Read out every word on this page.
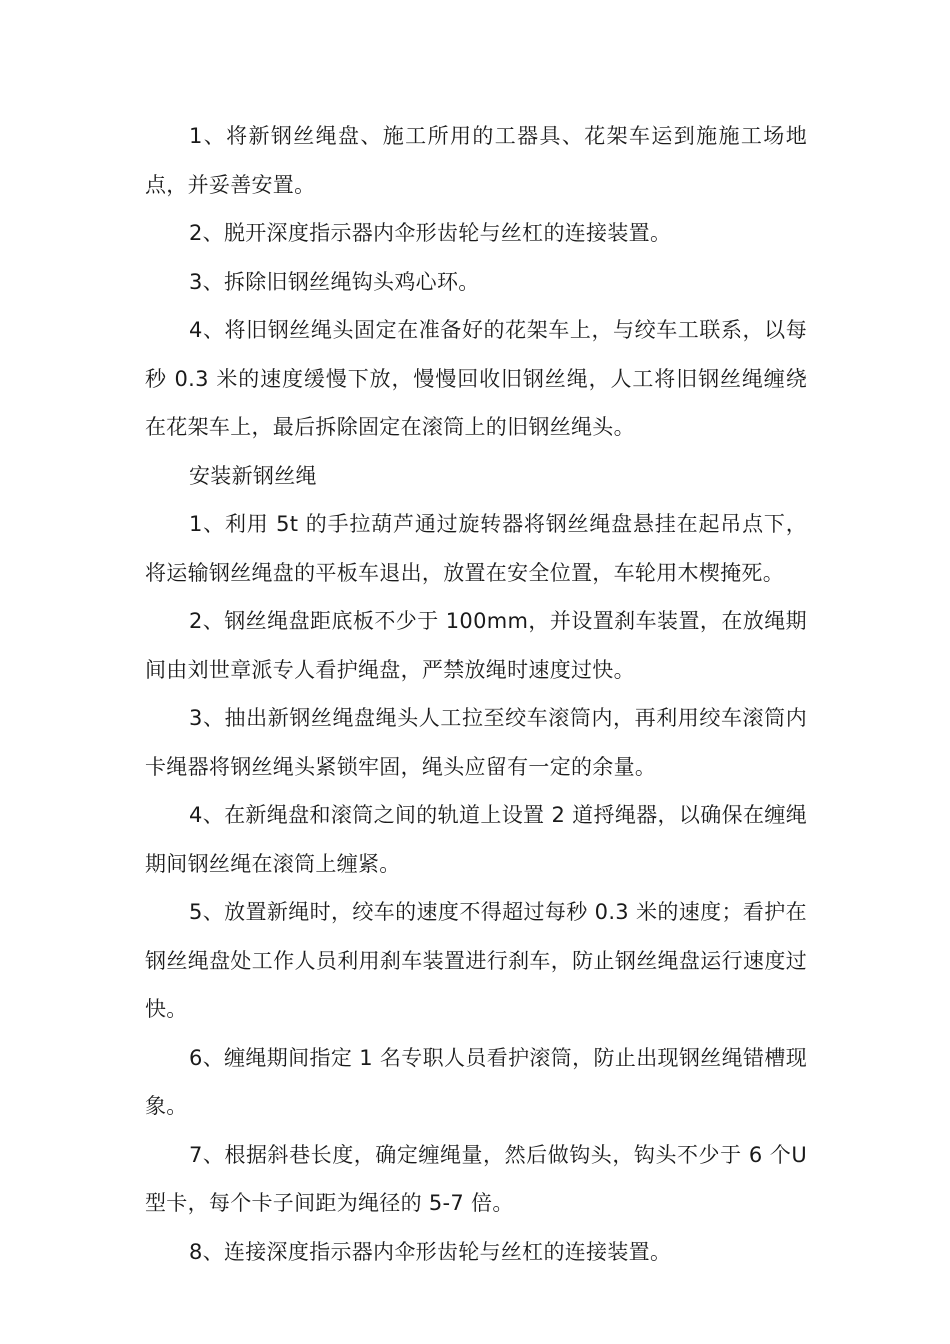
1、将新钢丝绳盘、施工所用的工器具、花架车运到施施工场地点，并妥善安置。

2、脱开深度指示器内伞形齿轮与丝杠的连接装置。

3、拆除旧钢丝绳钩头鸡心环。

4、将旧钢丝绳头固定在准备好的花架车上，与绞车工联系，以每秒 0.3 米的速度缓慢下放，慢慢回收旧钢丝绳，人工将旧钢丝绳缠绕在花架车上，最后拆除固定在滚筒上的旧钢丝绳头。

安装新钢丝绳

1、利用 5t 的手拉葫芦通过旋转器将钢丝绳盘悬挂在起吊点下，将运输钢丝绳盘的平板车退出，放置在安全位置，车轮用木楔掩死。

2、钢丝绳盘距底板不少于 100mm，并设置刹车装置，在放绳期间由刘世章派专人看护绳盘，严禁放绳时速度过快。

3、抽出新钢丝绳盘绳头人工拉至绞车滚筒内，再利用绞车滚筒内卡绳器将钢丝绳头紧锁牢固，绳头应留有一定的余量。

4、在新绳盘和滚筒之间的轨道上设置 2 道捋绳器，以确保在缠绳期间钢丝绳在滚筒上缠紧。

5、放置新绳时，绞车的速度不得超过每秒 0.3 米的速度；看护在钢丝绳盘处工作人员利用刹车装置进行刹车，防止钢丝绳盘运行速度过快。

6、缠绳期间指定 1 名专职人员看护滚筒，防止出现钢丝绳错槽现象。

7、根据斜巷长度，确定缠绳量，然后做钩头，钩头不少于 6 个U 型卡，每个卡子间距为绳径的 5-7 倍。

8、连接深度指示器内伞形齿轮与丝杠的连接装置。
